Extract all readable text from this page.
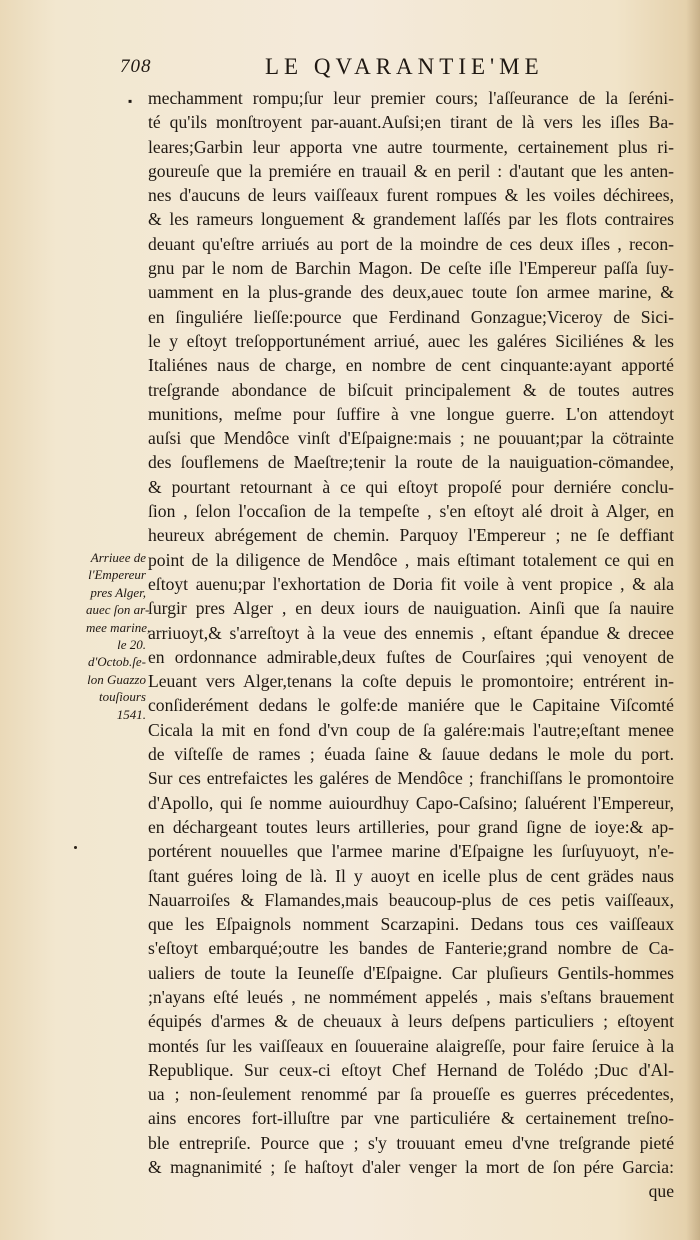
708	LE QVARANTIE'ME
▪ mechamment rompu;ſur leur premier cours; l'aſſeurance de la ſeréni-
té qu'ils monſtroyent par-auant.Auſsi;en tirant de là vers les iſles Ba-
leares;Garbin leur apporta vne autre tourmente, certainement plus ri-
goureuſe que la premiére en trauail & en peril : d'autant que les anten-
nes d'aucuns de leurs vaiſſeaux furent rompues & les voiles déchirees,
& les rameurs longuement & grandement laſſés par les flots contraires
deuant qu'eſtre arriués au port de la moindre de ces deux iſles , recon-
gnu par le nom de Barchin Magon. De ceſte iſle l'Empereur paſſa ſuy-
uamment en la plus-grande des deux,auec toute ſon armee marine, &
en ſinguliére lieſſe:pource que Ferdinand Gonzague;Viceroy de Sici-
le y eſtoyt treſopportunément arriué, auec les galéres Siciliénes & les
Italiénes naus de charge, en nombre de cent cinquante:ayant apporté
treſgrande abondance de biſcuit principalement & de toutes autres
munitions, meſme pour ſuffire à vne longue guerre. L'on attendoyt
auſsi que Mendôce vinſt d'Eſpaigne:mais ; ne pouuant;par la cötrainte
des ſouflemens de Maeſtre;tenir la route de la nauiguation-cömandee,
& pourtant retournant à ce qui eſtoyt propoſé pour derniére conclu-
ſion , ſelon l'occaſion de la tempeſte , s'en eſtoyt alé droit à Alger, en
heureux abrégement de chemin. Parquoy l'Empereur ; ne ſe deffiant
point de la diligence de Mendôce , mais eſtimant totalement ce qui en
eſtoyt auenu;par l'exhortation de Doria fit voile à vent propice , & ala
ſurgir pres Alger , en deux iours de nauiguation. Ainſi que ſa nauire
arriuoyt,& s'arreſtoyt à la veue des ennemis , eſtant épandue & drecee
en ordonnance admirable,deux fuſtes de Courſaires ;qui venoyent de
Leuant vers Alger,tenans la coſte depuis le promontoire; entrérent in-
conſiderément dedans le golfe:de maniére que le Capitaine Viſcomté
Cicala la mit en fond d'vn coup de ſa galére:mais l'autre;eſtant menee
de viſteſſe de rames ; éuada ſaine & ſauue dedans le mole du port.
Sur ces entrefaictes les galéres de Mendôce ; franchiſſans le promontoire
d'Apollo, qui ſe nomme auiourdhuy Capo-Caſsino; ſaluérent l'Empereur,
en déchargeant toutes leurs artilleries, pour grand ſigne de ioye:& ap-
portérent nouuelles que l'armee marine d'Eſpaigne les ſurſuyuoyt, n'e-
ſtant guéres loing de là. Il y auoyt en icelle plus de cent grädes naus
Nauarroiſes & Flamandes,mais beaucoup-plus de ces petis vaiſſeaux,
que les Eſpaignols nomment Scarzapini. Dedans tous ces vaiſſeaux
s'eſtoyt embarqué;outre les bandes de Fanterie;grand nombre de Ca-
ualiers de toute la Ieuneſſe d'Eſpaigne. Car pluſieurs Gentils-hommes
;n'ayans eſté leués , ne nommément appelés , mais s'eſtans brauement
équipés d'armes & de cheuaux à leurs deſpens particuliers ; eſtoyent
montés ſur les vaiſſeaux en ſouueraine alaigreſſe, pour faire ſeruice à la
Republique. Sur ceux-ci eſtoyt Chef Hernand de Tolédo ;Duc d'Al-
ua ; non-ſeulement renommé par ſa proueſſe es guerres précedentes,
ains encores fort-illuſtre par vne particuliére & certainement treſno-
ble entrepriſe. Pource que ; s'y trouuant emeu d'vne treſgrande pieté
& magnanimité ; ſe haſtoyt d'aler venger la mort de ſon pére Garcia:
que
Arriuee de
l'Empereur
pres Alger,
auec ſon ar-
mee marine,
le 20.
d'Octob.ſe-
lon Guazzo
touſiours
1541.
